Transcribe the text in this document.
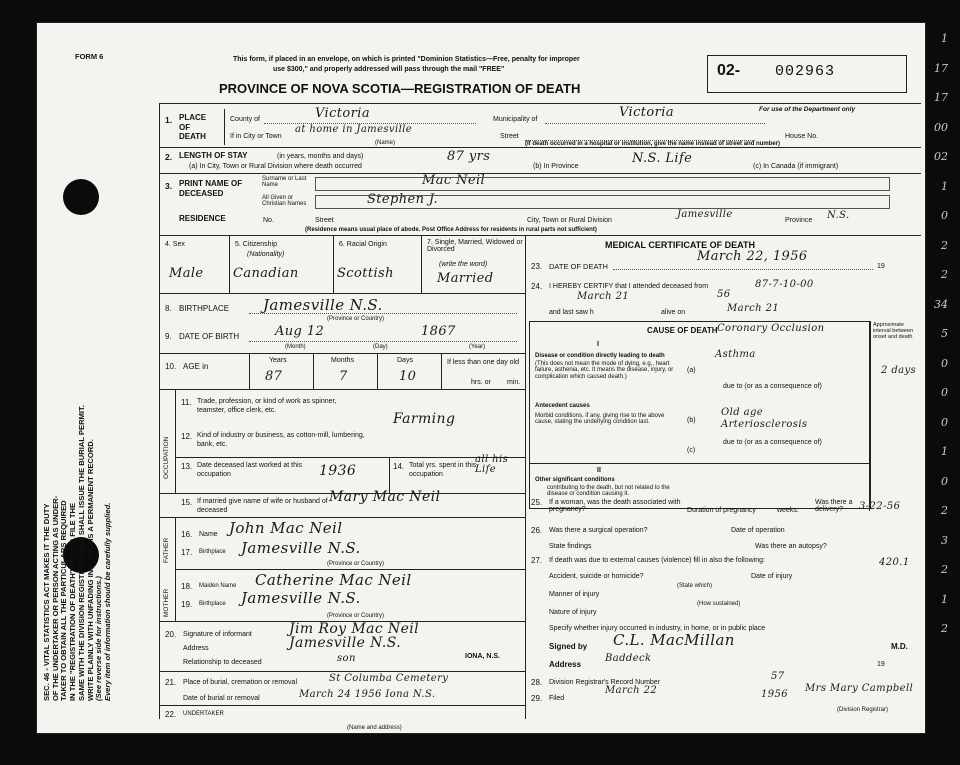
SEC. 46 - VITAL STATISTICS ACT MAKES IT THE DUTY OF THE UNDERTAKER OR PERSON ACTING AS UNDER- TAKER TO OBTAIN ALL THE PARTICULARS REQUIRED IN THE "REGISTRATION OF DEATH" AND TO FILE THE SAME WITH THE DIVISION REGISTRAR WHO SHALL ISSUE THE BURIAL PERMIT. WRITE PLAINLY WITH UNFADING INK. THIS IS A PERMANENT RECORD. (See reverse side for instructions.) Every item of information should be carefully supplied.
FORM 6	This form, if placed in an envelope, on which is printed "Dominion Statistics—Free, penalty for improper
use $300," and properly addressed will pass through the mail "FREE"
PROVINCE OF NOVA SCOTIA—REGISTRATION OF DEATH
02- 002963
For use of the Department only
1. PLACE OF DEATH
County of	Victoria	Municipality of	Victoria
If in City or Town
at home in Jamesville
(Name)
Street	House No.
(If death occurred in a hospital or institution, give the name instead of street and number)
2. LENGTH OF STAY	(in years, months and days)
(a) In City, Town or Rural Division where death occurred
87 yrs
(b) In Province
N.S. Life
(c) In Canada (if immigrant)
3. PRINT NAME OF DECEASED
Surname or Last Name	Mac Neil
All Given or Christian Names	Stephen J.
RESIDENCE	No.	Street	City, Town or Rural Division
Jamesville
Province N.S.
(Residence means usual place of abode. Post Office Address for residents in rural parts not sufficient)
4. Sex
Male
5. Citizenship
(Nationality)
Canadian
6. Racial Origin
Scottish
7. Single, Married, Widowed or Divorced
(write the word)
Married
8. BIRTHPLACE Jamesville N.S.
(Province or Country)
9. DATE OF BIRTH	Aug 12	1867
(Month)	(Day)	(Year)
10. AGE in
Years
87
Months
7
Days
10
If less than one day old
hrs. or min.
OCCUPATION
11. Trade, profession, or kind of work as spinner, teamster, office clerk, etc.
Farming
12. Kind of industry or business, as cotton-mill, lumbering, bank, etc.
13. Date deceased last worked at this occupation	1936	14. Total yrs. spent in this occupation
all his Life
15. If married give name of wife or husband of deceased
Mary Mac Neil
FATHER
16. Name John Mac Neil
17. Birthplace Jamesville N.S.
(Province or Country)
MOTHER
18. Maiden Name Catherine Mac Neil
19. Birthplace Jamesville N.S.
(Province or Country)
20. Signature of informant	Jim Roy Mac Neil
Address	Jamesville N.S.
Relationship to deceased	son	IONA, N.S.
21. Place of burial, cremation or removal	St Columba Cemetery
Date of burial or removal	March 24 1956 Iona N.S.
22. UNDERTAKER
(Name and address)
MEDICAL CERTIFICATE OF DEATH
23. DATE OF DEATH
March 22, 1956
19
24. I HEREBY CERTIFY that I attended deceased from
March 21	56
87-7-10-00
and last saw h	alive on	March 21
CAUSE OF DEATH Coronary Occlusion	Approximate interval between onset and death
I
Disease or condition directly leading to death
(This does not mean the mode of dying, e.g., heart failure, asthenia, etc. It means the disease, injury, or complication which caused death.)
(a)
Asthma
2 days
due to (or as a consequence of)
Antecedent causes
Morbid conditions, if any, giving rise to the above cause, stating the underlying condition last.	(b)
Old age Arteriosclerosis
due to (or as a consequence of)
(c)
II
Other significant conditions
contributing to the death, but not related to the disease or condition causing it.
25. If a woman, was the death associated with pregnancy?	Duration of pregnancy	weeks.
Was there a delivery?	3-22-56
26. Was there a surgical operation?	Date of operation
State findings	Was there an autopsy?
27. If death was due to external causes (violence) fill in also the following:	420.1
Accident, suicide or homicide?	Date of injury
(State which)
Manner of injury
(How sustained)
Nature of injury
Specify whether injury occurred in industry, in home, or in public place
Signed by C.L. MacMillan	M.D.
Address
Baddeck
19
28. Division Registrar's Record Number
57
29. Filed
March 22	1956
Mrs Mary Campbell
(Division Registrar)
1
17
17
00
02
1
0
2
2
34
5
0
0
0
1
0
2
3
2
1
2
